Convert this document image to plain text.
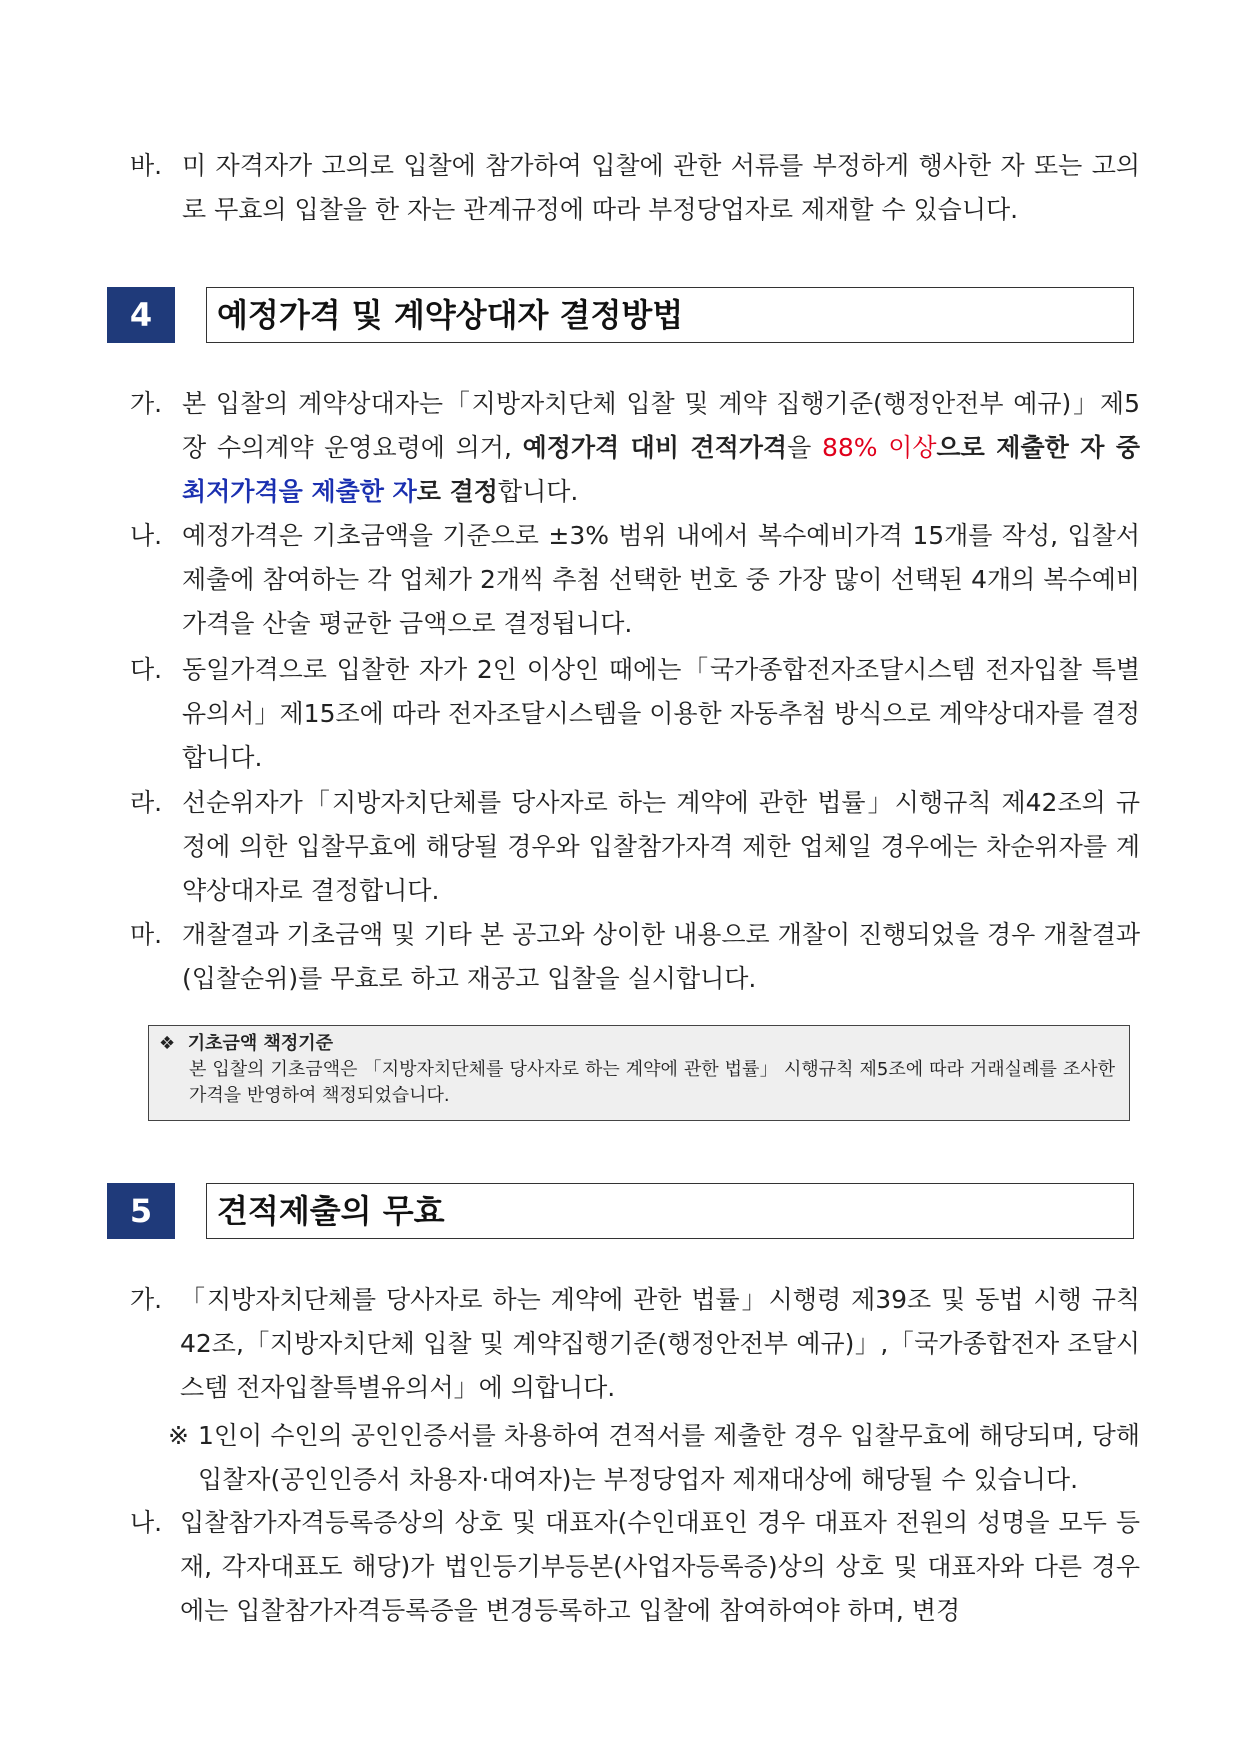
바. 미 자격자가 고의로 입찰에 참가하여 입찰에 관한 서류를 부정하게 행사한 자 또는 고의로 무효의 입찰을 한 자는 관계규정에 따라 부정당업자로 제재할 수 있습니다.
4	예정가격 및 계약상대자 결정방법
가. 본 입찰의 계약상대자는「지방자치단체 입찰 및 계약 집행기준(행정안전부 예규)」제5장 수의계약 운영요령에 의거, 예정가격 대비 견적가격을 88% 이상으로 제출한 자 중 최저가격을 제출한 자로 결정합니다.
나. 예정가격은 기초금액을 기준으로 ±3% 범위 내에서 복수예비가격 15개를 작성, 입찰서 제출에 참여하는 각 업체가 2개씩 추첨 선택한 번호 중 가장 많이 선택된 4개의 복수예비가격을 산술 평균한 금액으로 결정됩니다.
다. 동일가격으로 입찰한 자가 2인 이상인 때에는「국가종합전자조달시스템 전자입찰 특별유의서」제15조에 따라 전자조달시스템을 이용한 자동추첨 방식으로 계약상대자를 결정합니다.
라. 선순위자가「지방자치단체를 당사자로 하는 계약에 관한 법률」시행규칙 제42조의 규정에 의한 입찰무효에 해당될 경우와 입찰참가자격 제한 업체일 경우에는 차순위자를 계약상대자로 결정합니다.
마. 개찰결과 기초금액 및 기타 본 공고와 상이한 내용으로 개찰이 진행되었을 경우 개찰결과(입찰순위)를 무효로 하고 재공고 입찰을 실시합니다.
❖ 기초금액 책정기준
본 입찰의 기초금액은 「지방자치단체를 당사자로 하는 계약에 관한 법률」 시행규칙 제5조에 따라 거래실례를 조사한 가격을 반영하여 책정되었습니다.
5	견적제출의 무효
가. 「지방자치단체를 당사자로 하는 계약에 관한 법률」시행령 제39조 및 동법 시행 규칙 42조,「지방자치단체 입찰 및 계약집행기준(행정안전부 예규)」,「국가종합전자 조달시스템 전자입찰특별유의서」에 의합니다.
※ 1인이 수인의 공인인증서를 차용하여 견적서를 제출한 경우 입찰무효에 해당되며, 당해 입찰자(공인인증서 차용자·대여자)는 부정당업자 제재대상에 해당될 수 있습니다.
나. 입찰참가자격등록증상의 상호 및 대표자(수인대표인 경우 대표자 전원의 성명을 모두 등재, 각자대표도 해당)가 법인등기부등본(사업자등록증)상의 상호 및 대표자와 다른 경우에는 입찰참가자격등록증을 변경등록하고 입찰에 참여하여야 하며, 변경
